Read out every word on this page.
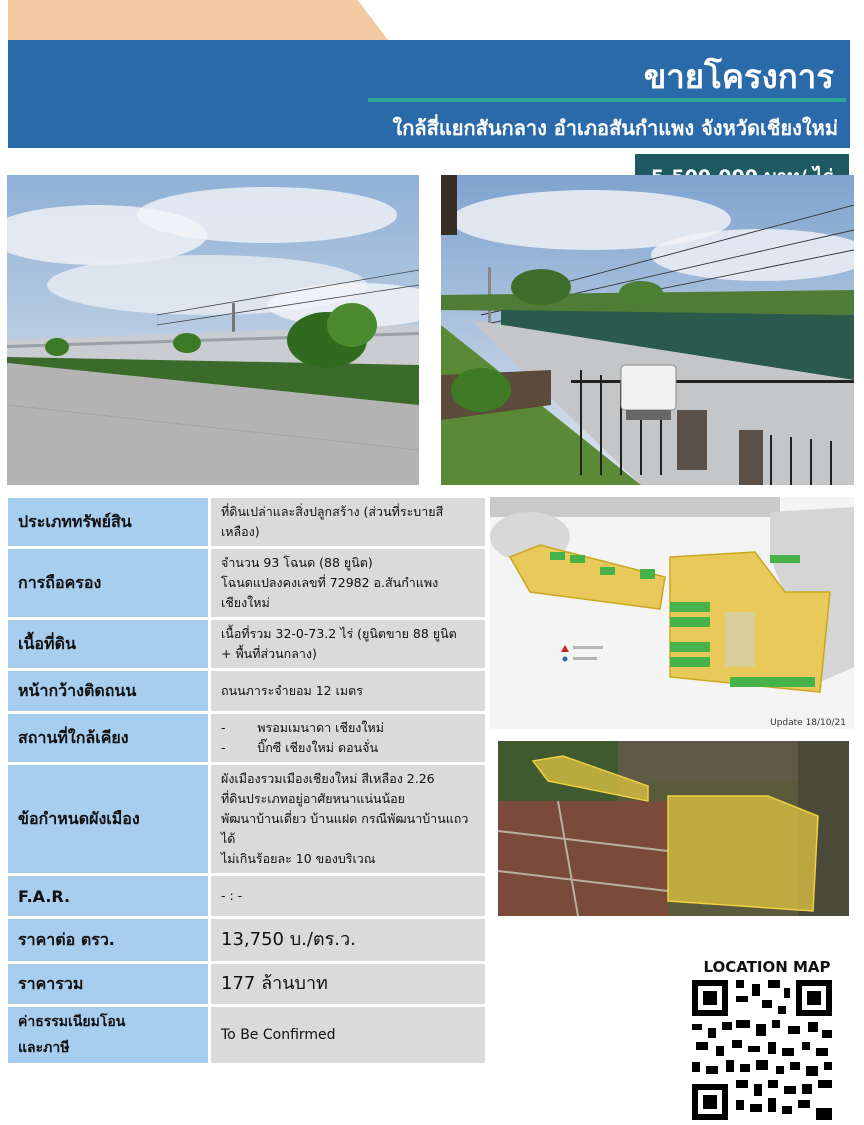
ขายโครงการ
ใกล้สี่แยกสันกลาง อำเภอสันกำแพง จังหวัดเชียงใหม่
ประเภททรัพย์สิน	ที่ดินเปล่าและสิ่งปลูกสร้าง (ส่วนที่ระบายสี
เหลือง)

การถือครอง	จำนวน 93 โฉนด (88 ยูนิต)
โฉนดแปลงคงเลขที่ 72982 อ.สันกำแพง เชียงใหม่

เนื้อที่ดิน	เนื้อที่รวม 32-0-73.2 ไร่ (ยูนิตขาย 88 ยูนิต
+ พื้นที่ส่วนกลาง)

หน้ากว้างติดถนน	ถนนภาระจำยอม 12 เมตร

สถานที่ใกล้เคียง	-        พรอมเมนาดา เชียงใหม่
-        บิ๊กซี เชียงใหม่ ดอนจั่น

ข้อกำหนดผังเมือง	ผังเมืองรวมเมืองเชียงใหม่ สีเหลือง 2.26
ที่ดินประเภทอยู่อาศัยหนาแน่นน้อย
พัฒนาบ้านเดี่ยว บ้านแฝด กรณีพัฒนาบ้านแถวได้
ไม่เกินร้อยละ 10 ของบริเวณ

F.A.R.	- : -

ราคาต่อ ตรว.	13,750 บ./ตร.ว.

ราคารวม	177 ล้านบาท

ค่าธรรมเนียมโอน
และภาษี	To Be Confirmed
Update 18/10/21
LOCATION MAP
